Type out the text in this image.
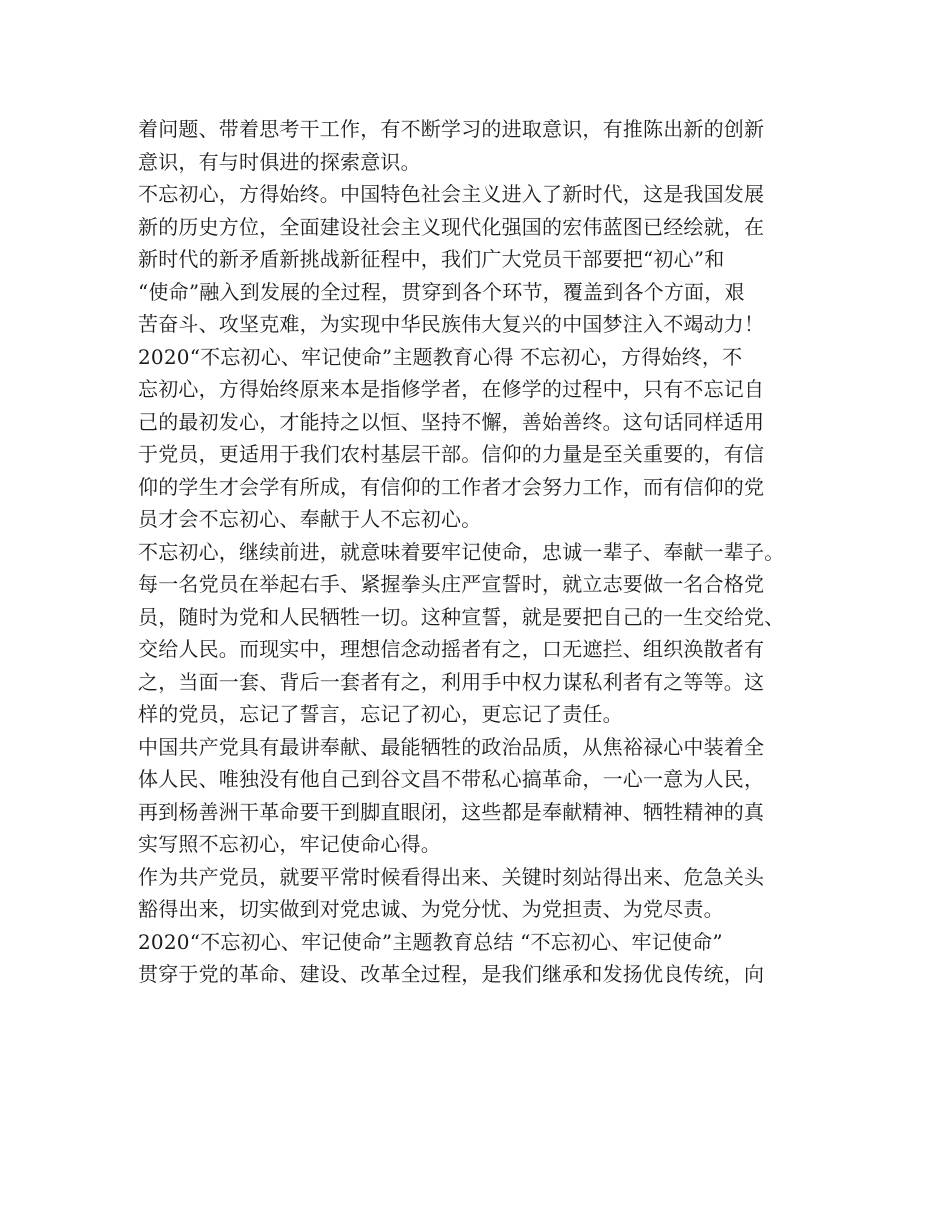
着问题、带着思考干工作，有不断学习的进取意识，有推陈出新的创新
意识，有与时俱进的探索意识。
不忘初心，方得始终。中国特色社会主义进入了新时代，这是我国发展
新的历史方位，全面建设社会主义现代化强国的宏伟蓝图已经绘就，在
新时代的新矛盾新挑战新征程中，我们广大党员干部要把“初心”和
“使命”融入到发展的全过程，贯穿到各个环节，覆盖到各个方面，艰
苦奋斗、攻坚克难，为实现中华民族伟大复兴的中国梦注入不竭动力！
2020“不忘初心、牢记使命”主题教育心得 不忘初心，方得始终，不
忘初心，方得始终原来本是指修学者，在修学的过程中，只有不忘记自
己的最初发心，才能持之以恒、坚持不懈，善始善终。这句话同样适用
于党员，更适用于我们农村基层干部。信仰的力量是至关重要的，有信
仰的学生才会学有所成，有信仰的工作者才会努力工作，而有信仰的党
员才会不忘初心、奉献于人不忘初心。
不忘初心，继续前进，就意味着要牢记使命，忠诚一辈子、奉献一辈子。
每一名党员在举起右手、紧握拳头庄严宣誓时，就立志要做一名合格党
员，随时为党和人民牺牲一切。这种宣誓，就是要把自己的一生交给党、
交给人民。而现实中，理想信念动摇者有之，口无遮拦、组织涣散者有
之，当面一套、背后一套者有之，利用手中权力谋私利者有之等等。这
样的党员，忘记了誓言，忘记了初心，更忘记了责任。
中国共产党具有最讲奉献、最能牺牲的政治品质，从焦裕禄心中装着全
体人民、唯独没有他自己到谷文昌不带私心搞革命，一心一意为人民，
再到杨善洲干革命要干到脚直眼闭，这些都是奉献精神、牺牲精神的真
实写照不忘初心，牢记使命心得。
作为共产党员，就要平常时候看得出来、关键时刻站得出来、危急关头
豁得出来，切实做到对党忠诚、为党分忧、为党担责、为党尽责。
2020“不忘初心、牢记使命”主题教育总结 “不忘初心、牢记使命”
贯穿于党的革命、建设、改革全过程，是我们继承和发扬优良传统，向
